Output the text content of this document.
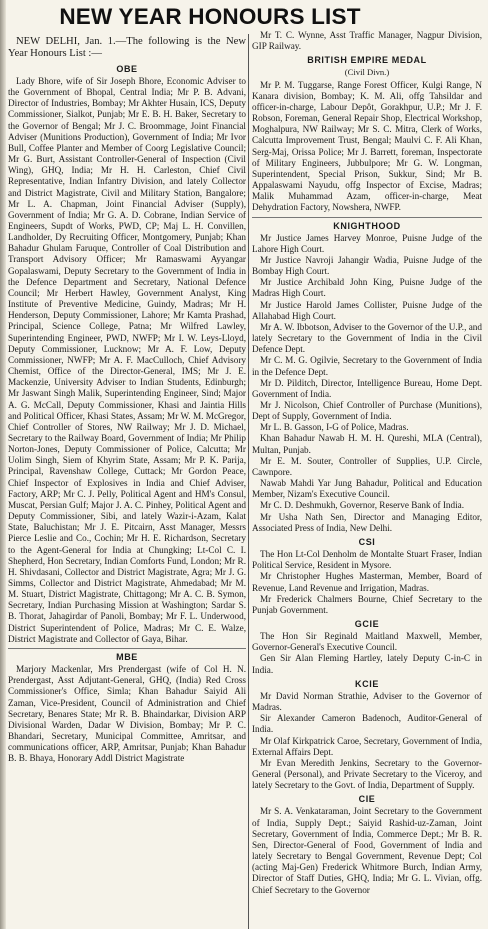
NEW YEAR HONOURS LIST

NEW DELHI, Jan. 1.—The following is the New Year Honours List :—

OBE

Lady Bhore, wife of Sir Joseph Bhore, Economic Adviser to the Government of Bhopal, Central India; Mr P. B. Advani, Director of Industries, Bombay; Mr Akhter Husain, ICS, Deputy Commissioner, Sialkot, Punjab; Mr E. B. H. Baker, Secretary to the Governor of Bengal; Mr J. C. Broommage, Joint Financial Adviser (Munitions Production), Government of India; Mr Ivor Bull, Coffee Planter and Member of Coorg Legislative Council; Mr G. Burt, Assistant Controller-General of Inspection (Civil Wing), GHQ, India; Mr H. H. Carleston, Chief Civil Representative, Indian Infantry Division, and lately Collector and District Magistrate, Civil and Military Station, Bangalore; Mr L. A. Chapman, Joint Financial Adviser (Supply), Government of India; Mr G. A. D. Cobrane, Indian Service of Engineers, Supdt of Works, PWD, CP; Maj L. H. Convillen, Landholder, Dy Recruiting Officer, Montgomery, Punjab; Khan Bahadur Ghulam Faruque, Controller of Coal Distribution and Transport Advisory Officer; Mr Ramaswami Ayyangar Gopalaswami, Deputy Secretary to the Government of India in the Defence Department and Secretary, National Defence Council; Mr Herbert Hawley, Government Analyst, King Institute of Preventive Medicine, Guindy, Madras; Mr H. Henderson, Deputy Commissioner, Lahore; Mr Kamta Prashad, Principal, Science College, Patna; Mr Wilfred Lawley, Superintending Engineer, PWD, NWFP; Mr I. W. Leys-Lloyd, Deputy Commissioner, Lucknow; Mr A. F. Low, Deputy Commissioner, NWFP; Mr A. F. MacCulloch, Chief Advisory Chemist, Office of the Director-General, IMS; Mr J. E. Mackenzie, University Adviser to Indian Students, Edinburgh; Mr Jaswant Singh Malik, Superintending Engineer, Sind; Major A. G. McCall, Deputy Commissioner, Khasi and Jaintia Hills and Political Officer, Khasi States, Assam; Mr W. M. McGregor, Chief Controller of Stores, NW Railway; Mr J. D. Michael, Secretary to the Railway Board, Government of India; Mr Philip Norton-Jones, Deputy Commissioner of Police, Calcutta; Mr Uolim Singh, Siem of Khyrim State, Assam; Mr P. K. Parija, Principal, Ravenshaw College, Cuttack; Mr Gordon Peace, Chief Inspector of Explosives in India and Chief Adviser, Factory, ARP; Mr C. J. Pelly, Political Agent and HM's Consul, Muscat, Persian Gulf; Major J. A. C. Pinhey, Political Agent and Deputy Commissioner, Sibi, and lately Wazir-i-Azam, Kalat State, Baluchistan; Mr J. E. Pitcairn, Asst Manager, Messrs Pierce Leslie and Co., Cochin; Mr H. E. Richardson, Secretary to the Agent-General for India at Chungking; Lt-Col C. I. Shepherd, Hon Secretary, Indian Comforts Fund, London; Mr R. H. Shivdasani, Collector and District Magistrate, Agra; Mr J. G. Simms, Collector and District Magistrate, Ahmedabad; Mr M. M. Stuart, District Magistrate, Chittagong; Mr A. C. B. Symon, Secretary, Indian Purchasing Mission at Washington; Sardar S. B. Thorat, Jahagirdar of Panoli, Bombay; Mr F. L. Underwood, District Superintendent of Police, Madras; Mr C. E. Walze, District Magistrate and Collector of Gaya, Bihar.

MBE

Marjory Mackenlar, Mrs Prendergast (wife of Col H. N. Prendergast, Asst Adjutant-General, GHQ, (India) Red Cross Commissioner's Office, Simla; Khan Bahadur Saiyid Ali Zaman, Vice-President, Council of Administration and Chief Secretary, Benares State; Mr R. B. Bhaindarkar, Division ARP Divisional Warden, Dadar W Division, Bombay; Mr P. C. Bhandari, Secretary, Municipal Committee, Amritsar, and communications officer, ARP, Amritsar, Punjab; Khan Bahadur B. B. Bhaya, Honorary Addl District Magistrate

Mr T. C. Wynne, Asst Traffic Manager, Nagpur Division, GIP Railway.

BRITISH EMPIRE MEDAL
(Civil Divn.)

Mr P. M. Tuggarse, Range Forest Officer, Kulgi Range, N Kanara division, Bombay; K. M. Ali, offg Tahsildar and officer-in-charge, Labour Depôt, Gorakhpur, U.P.; Mr J. F. Robson, Foreman, General Repair Shop, Electrical Workshop, Moghalpura, NW Railway; Mr S. C. Mitra, Clerk of Works, Calcutta Improvement Trust, Bengal; Maulvi C. F. Ali Khan, Serg-Maj, Orissa Police; Mr J. Barrett, foreman, Inspectorate of Military Engineers, Jubbulpore; Mr G. W. Longman, Superintendent, Special Prison, Sukkur, Sind; Mr B. Appalaswami Nayudu, offg Inspector of Excise, Madras; Malik Muhammad Azam, officer-in-charge, Meat Dehydration Factory, Nowshera, NWFP.

KNIGHTHOOD

Mr Justice James Harvey Monroe, Puisne Judge of the Lahore High Court.

Mr Justice Navroji Jahangir Wadia, Puisne Judge of the Bombay High Court.

Mr Justice Archibald John King, Puisne Judge of the Madras High Court.

Mr Justice Harold James Collister, Puisne Judge of the Allahabad High Court.

Mr A. W. Ibbotson, Adviser to the Governor of the U.P., and lately Secretary to the Government of India in the Civil Defence Dept.

Mr C. M. G. Ogilvie, Secretary to the Government of India in the Defence Dept.

Mr D. Pilditch, Director, Intelligence Bureau, Home Dept. Government of India.

Mr J. Nicolson, Chief Controller of Purchase (Munitions), Dept of Supply, Government of India.

Mr L. B. Gasson, I-G of Police, Madras.

Khan Bahadur Nawab H. M. H. Qureshi, MLA (Central), Multan, Punjab.

Mr E. M. Souter, Controller of Supplies, U.P. Circle, Cawnpore.

Nawab Mahdi Yar Jung Bahadur, Political and Education Member, Nizam's Executive Council.

Mr C. D. Deshmukh, Governor, Reserve Bank of India.

Mr Usha Nath Sen, Director and Managing Editor, Associated Press of India, New Delhi.

CSI

The Hon Lt-Col Denholm de Montalte Stuart Fraser, Indian Political Service, Resident in Mysore.

Mr Christopher Hughes Masterman, Member, Board of Revenue, Land Revenue and Irrigation, Madras.

Mr Frederick Chalmers Bourne, Chief Secretary to the Punjab Government.

GCIE

The Hon Sir Reginald Maitland Maxwell, Member, Governor-General's Executive Council.

Gen Sir Alan Fleming Hartley, lately Deputy C-in-C in India.

KCIE

Mr David Norman Strathie, Adviser to the Governor of Madras.

Sir Alexander Cameron Badenoch, Auditor-General of India.

Mr Olaf Kirkpatrick Caroe, Secretary, Government of India, External Affairs Dept.

Mr Evan Meredith Jenkins, Secretary to the Governor-General (Personal), and Private Secretary to the Viceroy, and lately Secretary to the Govt. of India, Department of Supply.

CIE

Mr S. A. Venkataraman, Joint Secretary to the Government of India, Supply Dept.; Saiyid Rashid-uz-Zaman, Joint Secretary, Government of India, Commerce Dept.; Mr B. R. Sen, Director-General of Food, Government of India and lately Secretary to Bengal Government, Revenue Dept; Col (acting Maj-Gen) Frederick Whitmore Burch, Indian Army, Director of Staff Duties, GHQ, India; Mr G. L. Vivian, offg. Chief Secretary to the Governor
